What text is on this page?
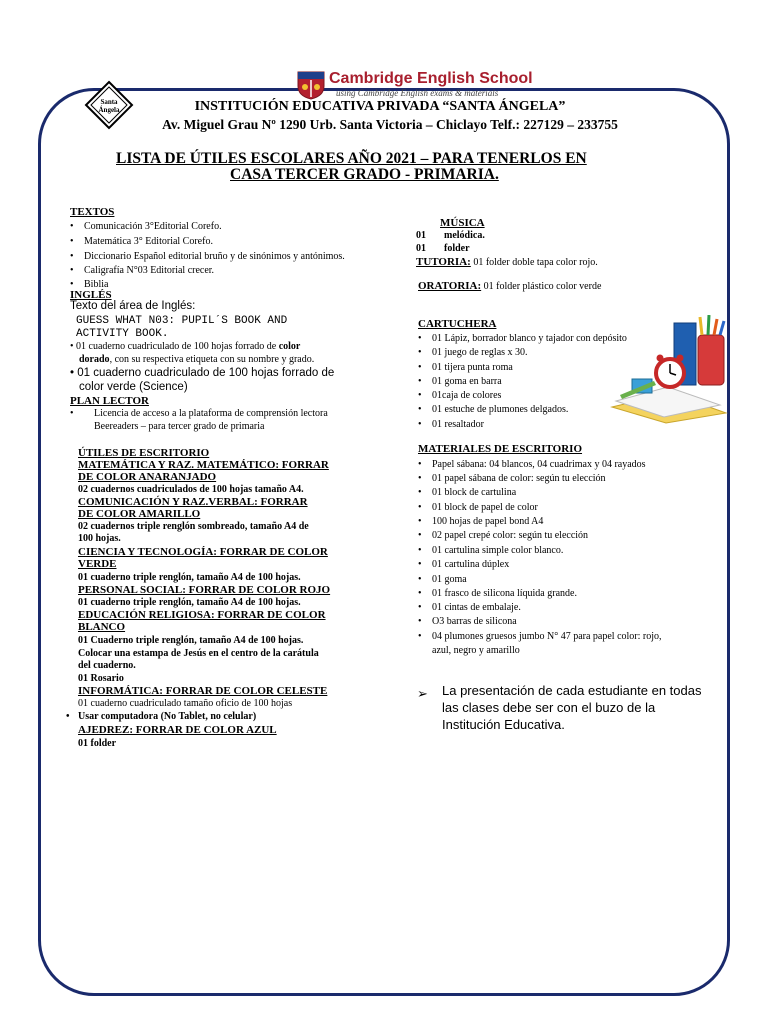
Santa
Ángela
Cambridge English School
using Cambridge English exams & materials
INSTITUCIÓN EDUCATIVA PRIVADA “SANTA ÁNGELA”
Av. Miguel Grau Nº 1290 Urb. Santa Victoria – Chiclayo Telf.: 227129 – 233755
LISTA DE ÚTILES ESCOLARES AÑO 2021 – PARA TENERLOS EN
CASA TERCER GRADO - PRIMARIA.
TEXTOS
• Comunicación 3°Editorial Corefo.
• Matemática 3° Editorial Corefo.
• Diccionario Español editorial bruño y de sinónimos y antónimos.
• Caligrafía N°03 Editorial crecer.
• Biblia
INGLÉS
Texto del área de Inglés:
GUESS WHAT N03: PUPIL´S BOOK AND
ACTIVITY BOOK.
• 01 cuaderno cuadriculado de 100 hojas forrado de color
dorado, con su respectiva etiqueta con su nombre y grado.
• 01 cuaderno cuadriculado de 100 hojas forrado de
color verde (Science)
PLAN LECTOR
• Licencia de acceso a la plataforma de comprensión lectora
Beereaders – para tercer grado de primaria
ÚTILES DE ESCRITORIO
MATEMÁTICA Y RAZ. MATEMÁTICO: FORRAR
DE COLOR ANARANJADO
02 cuadernos cuadriculados de 100 hojas tamaño A4.
COMUNICACIÓN Y RAZ.VERBAL: FORRAR
DE COLOR AMARILLO
02 cuadernos triple renglón sombreado, tamaño A4 de
100 hojas.
CIENCIA Y TECNOLOGÍA: FORRAR DE COLOR
VERDE
01 cuaderno triple renglón, tamaño A4 de 100 hojas.
PERSONAL SOCIAL: FORRAR DE COLOR ROJO
01 cuaderno triple renglón, tamaño A4 de 100 hojas.
EDUCACIÓN RELIGIOSA: FORRAR DE COLOR
BLANCO
01 Cuaderno triple renglón, tamaño A4 de 100 hojas.
Colocar una estampa de Jesús en el centro de la carátula
del cuaderno.
01 Rosario
INFORMÁTICA: FORRAR DE COLOR CELESTE
01 cuaderno cuadriculado tamaño oficio de 100 hojas
• Usar computadora (No Tablet, no celular)
AJEDREZ: FORRAR DE COLOR AZUL
01 folder
MÚSICA
01 melódica.
01 folder
TUTORIA: 01 folder doble tapa color rojo.
ORATORIA: 01 folder plástico color verde
CARTUCHERA
• 01 Lápiz, borrador blanco y tajador con depósito
• 01 juego de reglas x 30.
• 01 tijera punta roma
• 01 goma en barra
• 01caja de colores
• 01 estuche de plumones delgados.
• 01 resaltador
MATERIALES DE ESCRITORIO
• Papel sábana: 04 blancos, 04 cuadrimax y 04 rayados
• 01 papel sábana de color: según tu elección
• 01 block de cartulina
• 01 block de papel de color
• 100 hojas de papel bond A4
• 02 papel crepé color: según tu elección
• 01 cartulina simple color blanco.
• 01 cartulina dúplex
• 01 goma
• 01 frasco de silicona líquida grande.
• 01 cintas de embalaje.
• O3 barras de silicona
• 04 plumones gruesos jumbo N° 47 para papel color: rojo,
azul, negro y amarillo
➢ La presentación de cada estudiante en todas las clases debe ser con el buzo de la Institución Educativa.
